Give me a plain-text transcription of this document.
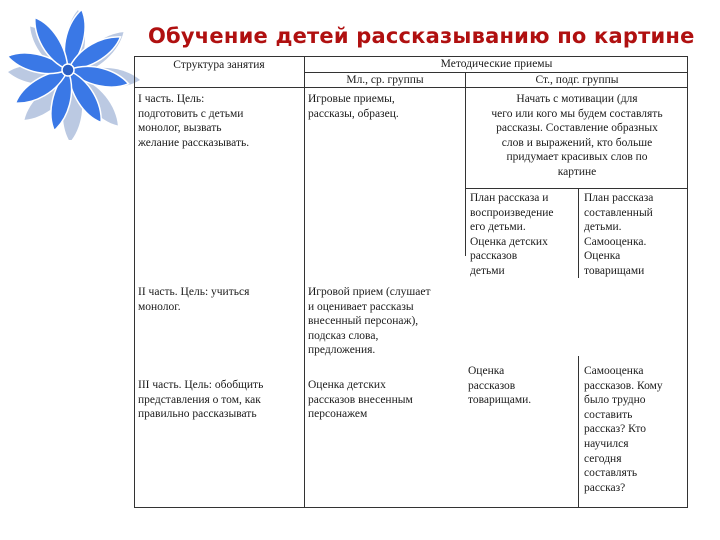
Обучение детей рассказыванию по картине
Структура занятия	Методические приемы
Мл., ср. группы	Ст., подг. группы
I часть. Цель:
подготовить с детьми
монолог, вызвать
желание рассказывать.
Игровые приемы,
рассказы, образец.
Начать с мотивации (для
чего или кого мы будем составлять
рассказы. Составление образных
слов и выражений, кто больше
придумает красивых слов по
картине
План рассказа и
воспроизведение
его детьми.
Оценка детских
рассказов
детьми
План рассказа
составленный
детьми.
Самооценка.
Оценка
товарищами
II часть. Цель: учиться
монолог.
Игровой прием (слушает
и оценивает рассказы
внесенный персонаж),
подсказ слова,
предложения.
III часть. Цель: обобщить
представления о том, как
правильно рассказывать
Оценка детских
рассказов внесенным
персонажем
Оценка
рассказов
товарищами.
Самооценка
рассказов. Кому
было трудно
составить
рассказ? Кто
научился
сегодня
составлять
рассказ?
